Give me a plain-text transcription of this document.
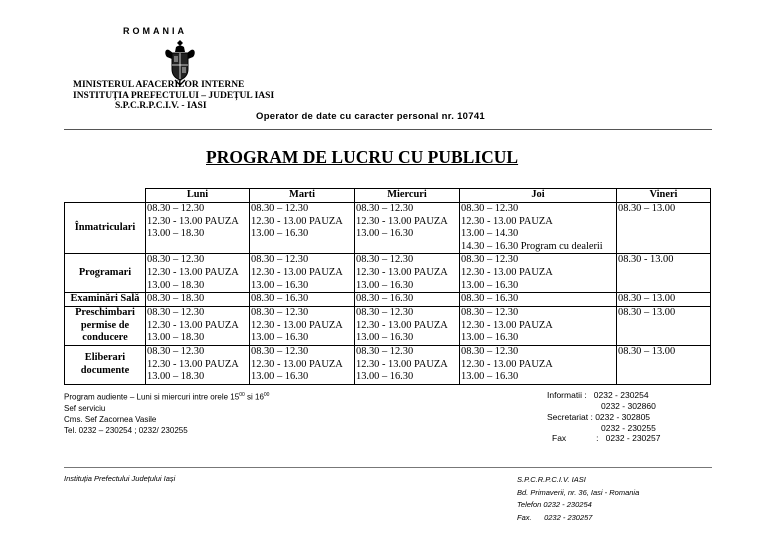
ROMANIA
MINISTERUL AFACERILOR INTERNE
INSTITUȚIA PREFECTULUI – JUDEȚUL IASI
S.P.C.R.P.C.I.V. - IASI
Operator de date cu caracter personal nr. 10741
PROGRAM DE LUCRU CU PUBLICUL
	Luni	Marti	Miercuri	Joi	Vineri
Înmatriculari	08.30 – 12.30
12.30 - 13.00 PAUZA
13.00 – 18.30	08.30 – 12.30
12.30 - 13.00 PAUZA
13.00 – 16.30	08.30 – 12.30
12.30 - 13.00 PAUZA
13.00 – 16.30	08.30 – 12.30
12.30 - 13.00 PAUZA
13.00 – 14.30
14.30 – 16.30 Program cu dealerii	08.30 – 13.00

Programari	08.30 – 12.30
12.30 - 13.00 PAUZA
13.00 – 18.30	08.30 – 12.30
12.30 - 13.00 PAUZA
13.00 – 16.30	08.30 – 12.30
12.30 - 13.00 PAUZA
13.00 – 16.30	08.30 – 12.30
12.30 - 13.00 PAUZA
13.00 – 16.30	08.30 - 13.00

Examinări Sală	08.30 – 18.30	08.30 – 16.30	08.30 – 16.30	08.30 – 16.30	08.30 – 13.00

Preschimbari permise de conducere	08.30 – 12.30
12.30 - 13.00 PAUZA
13.00 – 18.30	08.30 – 12.30
12.30 - 13.00 PAUZA
13.00 – 16.30	08.30 – 12.30
12.30 - 13.00 PAUZA
13.00 – 16.30	08.30 – 12.30
12.30 - 13.00 PAUZA
13.00 – 16.30	08.30 – 13.00

Eliberari documente	08.30 – 12.30
12.30 - 13.00 PAUZA
13.00 – 18.30	08.30 – 12.30
12.30 - 13.00 PAUZA
13.00 – 16.30	08.30 – 12.30
12.30 - 13.00 PAUZA
13.00 – 16.30	08.30 – 12.30
12.30 - 13.00 PAUZA
13.00 – 16.30	08.30 – 13.00
Program audiente – Luni si miercuri intre orele $15^{00}$ si $16^{00}$
Sef serviciu
Cms. Sef Zacornea Vasile
Tel. 0232 – 230254 ; 0232/ 230255
Informatii : 0232 - 230254
0232 - 302860
Secretariat : 0232 - 302805
0232 - 230255
Fax	: 0232 - 230257
Instituția Prefectului Județului Iași	S.P.C.R.P.C.I.V. IASI
Bd. Primaverii, nr. 36, Iasi - Romania
Telefon 0232 - 230254
Fax.      0232 - 230257
